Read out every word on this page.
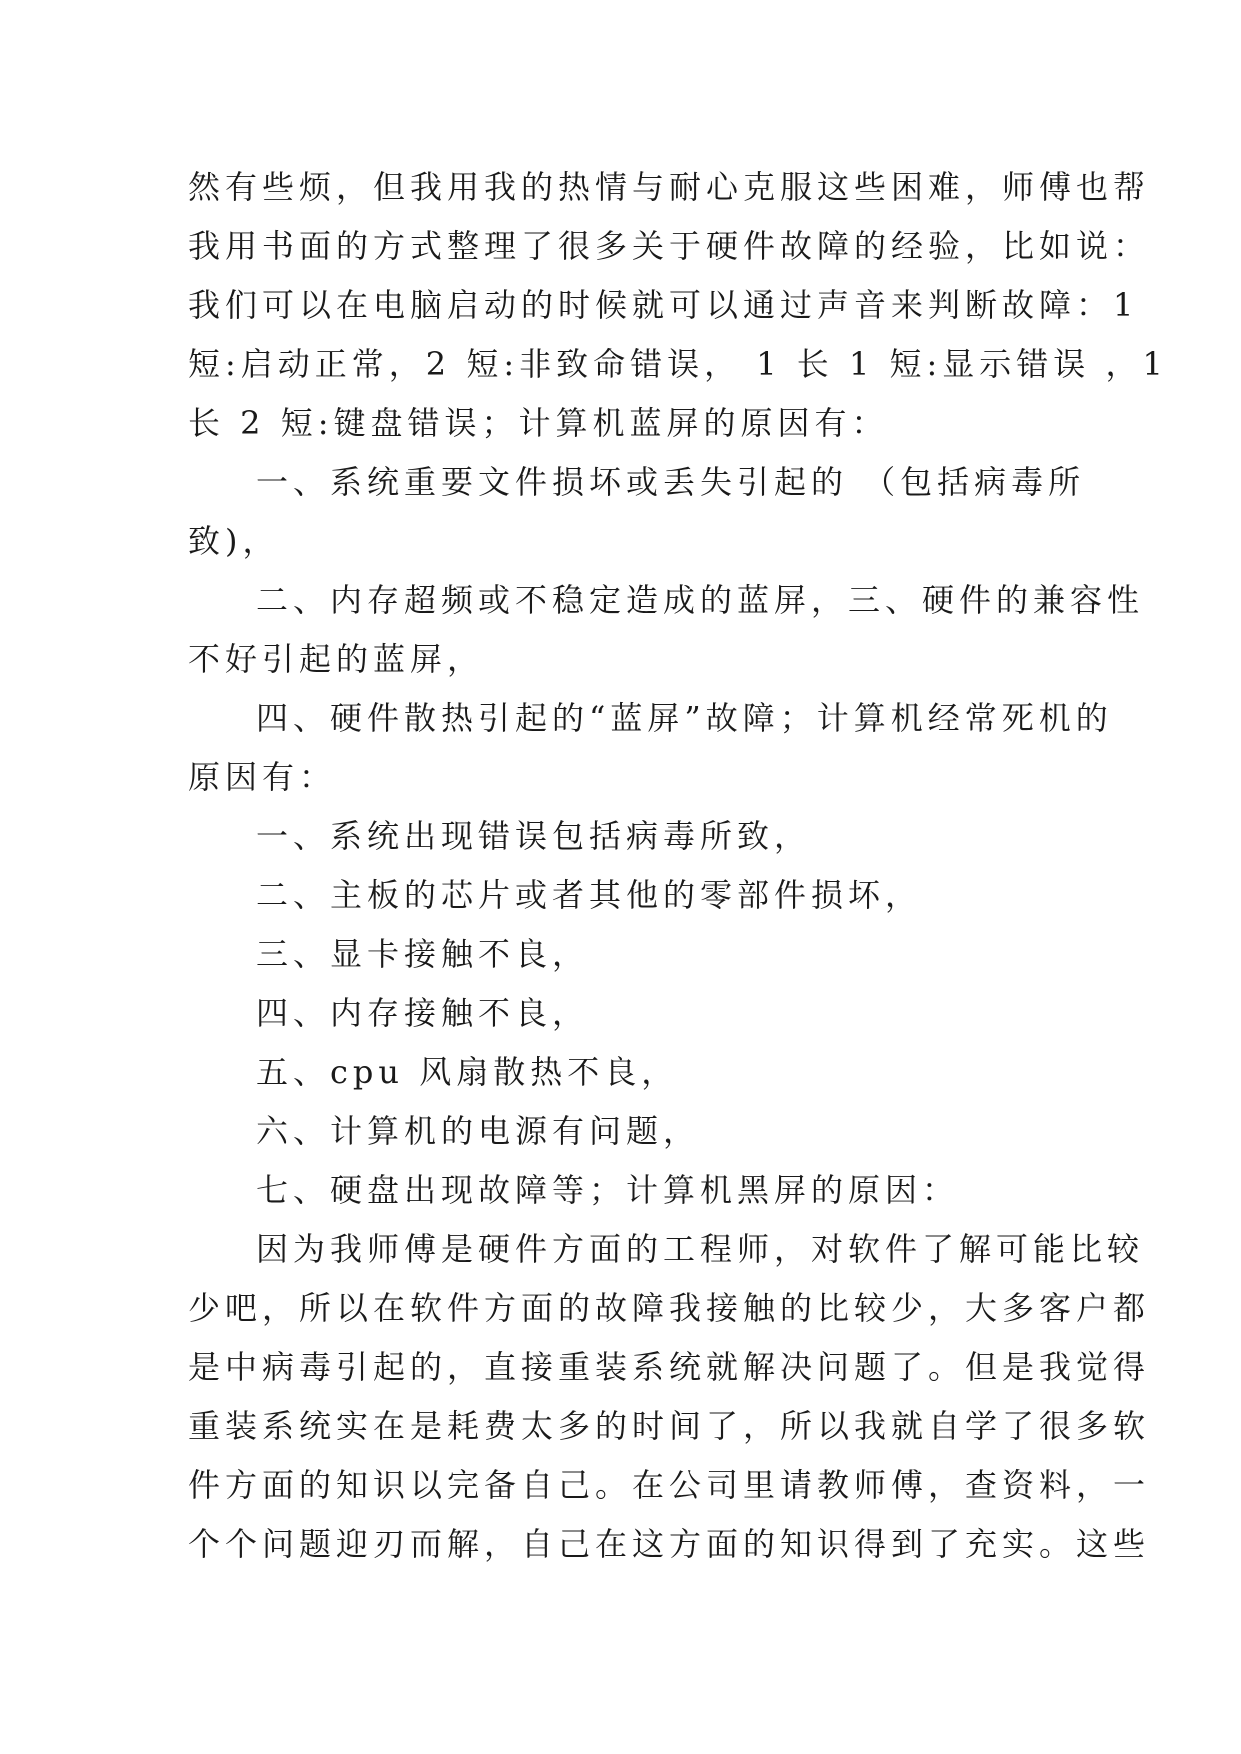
然有些烦，但我用我的热情与耐心克服这些困难，师傅也帮
我用书面的方式整理了很多关于硬件故障的经验，比如说：
我们可以在电脑启动的时候就可以通过声音来判断故障：1
短:启动正常，2 短:非致命错误， 1 长 1 短:显示错误 ，1
长 2 短:键盘错误；计算机蓝屏的原因有：
一、系统重要文件损坏或丢失引起的 （包括病毒所
致)，
二、内存超频或不稳定造成的蓝屏，三、硬件的兼容性
不好引起的蓝屏，
四、硬件散热引起的“蓝屏”故障；计算机经常死机的
原因有：
一、系统出现错误包括病毒所致，
二、主板的芯片或者其他的零部件损坏，
三、显卡接触不良，
四、内存接触不良，
五、cpu 风扇散热不良，
六、计算机的电源有问题，
七、硬盘出现故障等；计算机黑屏的原因：
因为我师傅是硬件方面的工程师，对软件了解可能比较
少吧，所以在软件方面的故障我接触的比较少，大多客户都
是中病毒引起的，直接重装系统就解决问题了。但是我觉得
重装系统实在是耗费太多的时间了，所以我就自学了很多软
件方面的知识以完备自己。在公司里请教师傅，查资料，一
个个问题迎刃而解，自己在这方面的知识得到了充实。这些
